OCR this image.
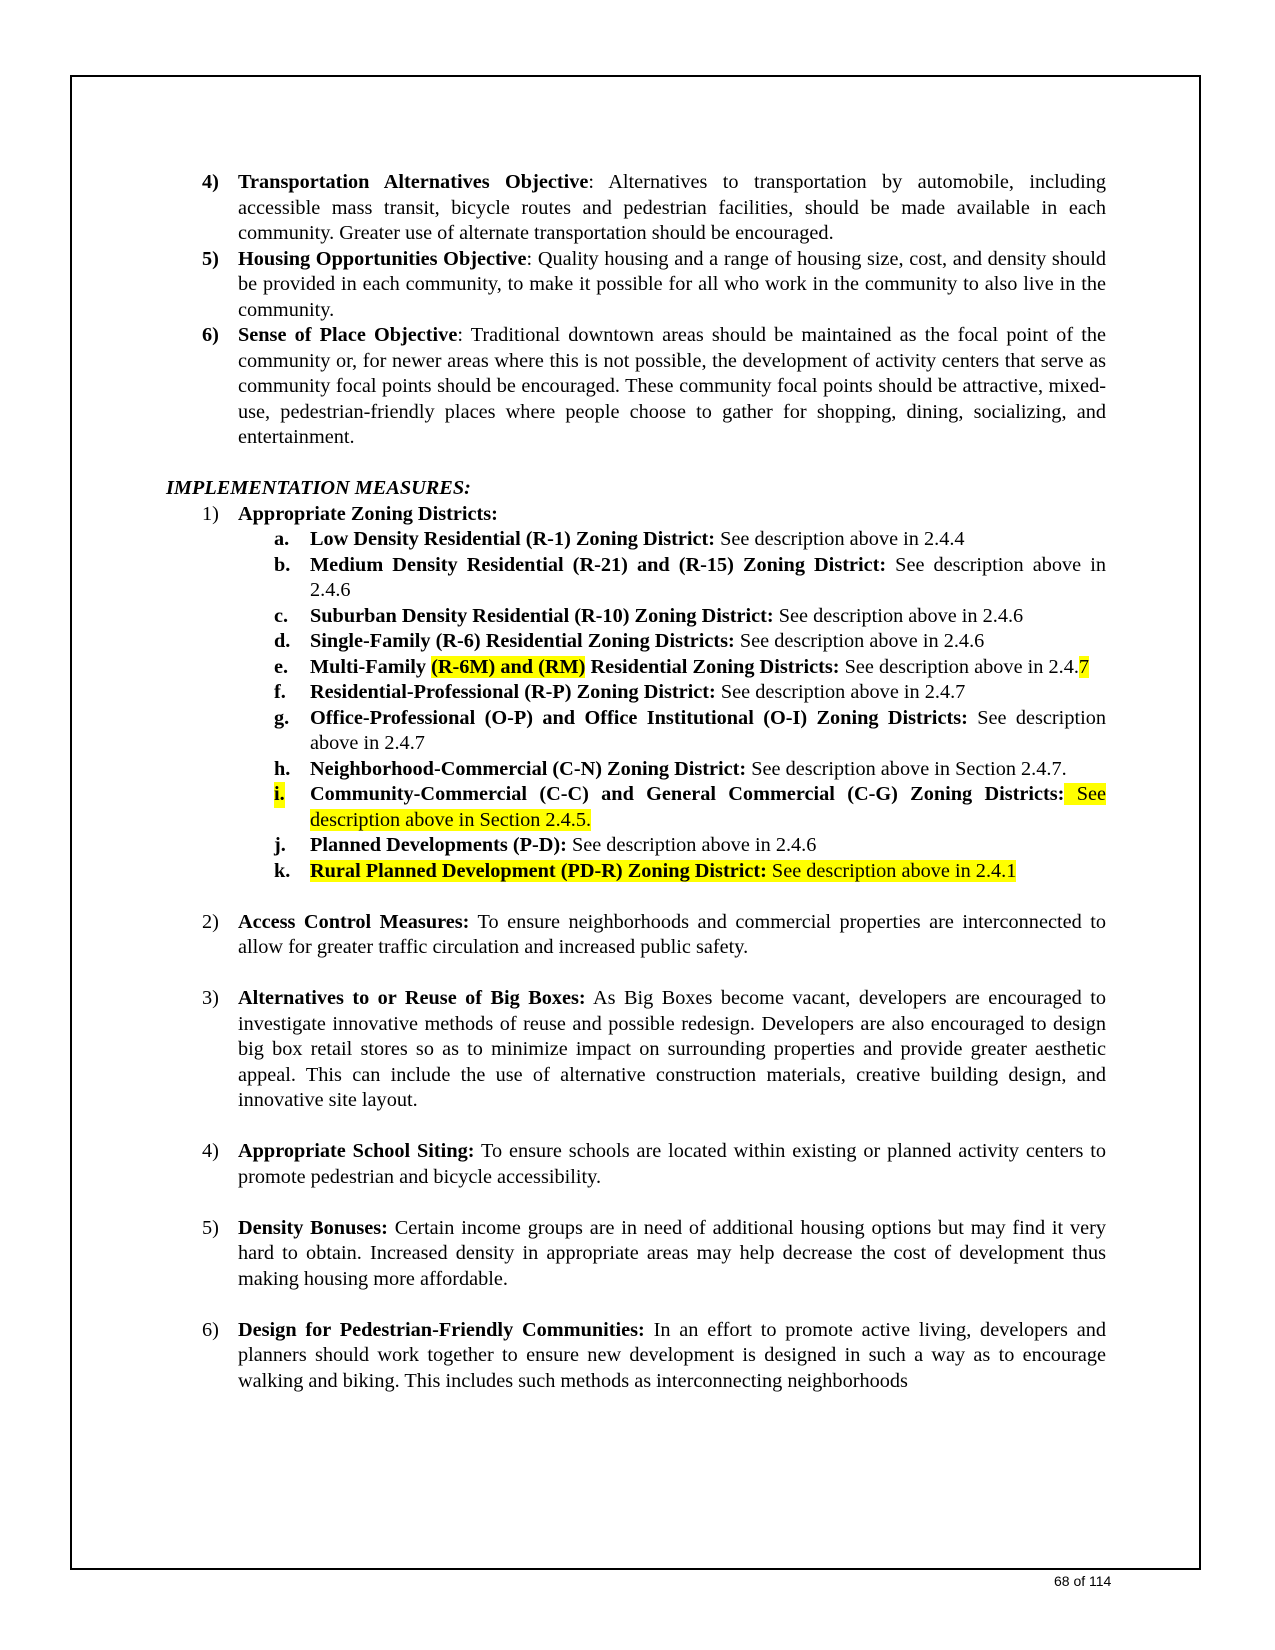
4) Transportation Alternatives Objective: Alternatives to transportation by automobile, including accessible mass transit, bicycle routes and pedestrian facilities, should be made available in each community. Greater use of alternate transportation should be encouraged.
5) Housing Opportunities Objective: Quality housing and a range of housing size, cost, and density should be provided in each community, to make it possible for all who work in the community to also live in the community.
6) Sense of Place Objective: Traditional downtown areas should be maintained as the focal point of the community or, for newer areas where this is not possible, the development of activity centers that serve as community focal points should be encouraged. These community focal points should be attractive, mixed-use, pedestrian-friendly places where people choose to gather for shopping, dining, socializing, and entertainment.
IMPLEMENTATION MEASURES:
1) Appropriate Zoning Districts:
a. Low Density Residential (R-1) Zoning District: See description above in 2.4.4
b. Medium Density Residential (R-21) and (R-15) Zoning District: See description above in 2.4.6
c. Suburban Density Residential (R-10) Zoning District: See description above in 2.4.6
d. Single-Family (R-6) Residential Zoning Districts: See description above in 2.4.6
e. Multi-Family (R-6M) and (RM) Residential Zoning Districts: See description above in 2.4.7
f. Residential-Professional (R-P) Zoning District: See description above in 2.4.7
g. Office-Professional (O-P) and Office Institutional (O-I) Zoning Districts: See description above in 2.4.7
h. Neighborhood-Commercial (C-N) Zoning District: See description above in Section 2.4.7.
i. Community-Commercial (C-C) and General Commercial (C-G) Zoning Districts: See description above in Section 2.4.5.
j. Planned Developments (P-D): See description above in 2.4.6
k. Rural Planned Development (PD-R) Zoning District: See description above in 2.4.1
2) Access Control Measures: To ensure neighborhoods and commercial properties are interconnected to allow for greater traffic circulation and increased public safety.
3) Alternatives to or Reuse of Big Boxes: As Big Boxes become vacant, developers are encouraged to investigate innovative methods of reuse and possible redesign. Developers are also encouraged to design big box retail stores so as to minimize impact on surrounding properties and provide greater aesthetic appeal. This can include the use of alternative construction materials, creative building design, and innovative site layout.
4) Appropriate School Siting: To ensure schools are located within existing or planned activity centers to promote pedestrian and bicycle accessibility.
5) Density Bonuses: Certain income groups are in need of additional housing options but may find it very hard to obtain. Increased density in appropriate areas may help decrease the cost of development thus making housing more affordable.
6) Design for Pedestrian-Friendly Communities: In an effort to promote active living, developers and planners should work together to ensure new development is designed in such a way as to encourage walking and biking. This includes such methods as interconnecting neighborhoods
68 of 114
